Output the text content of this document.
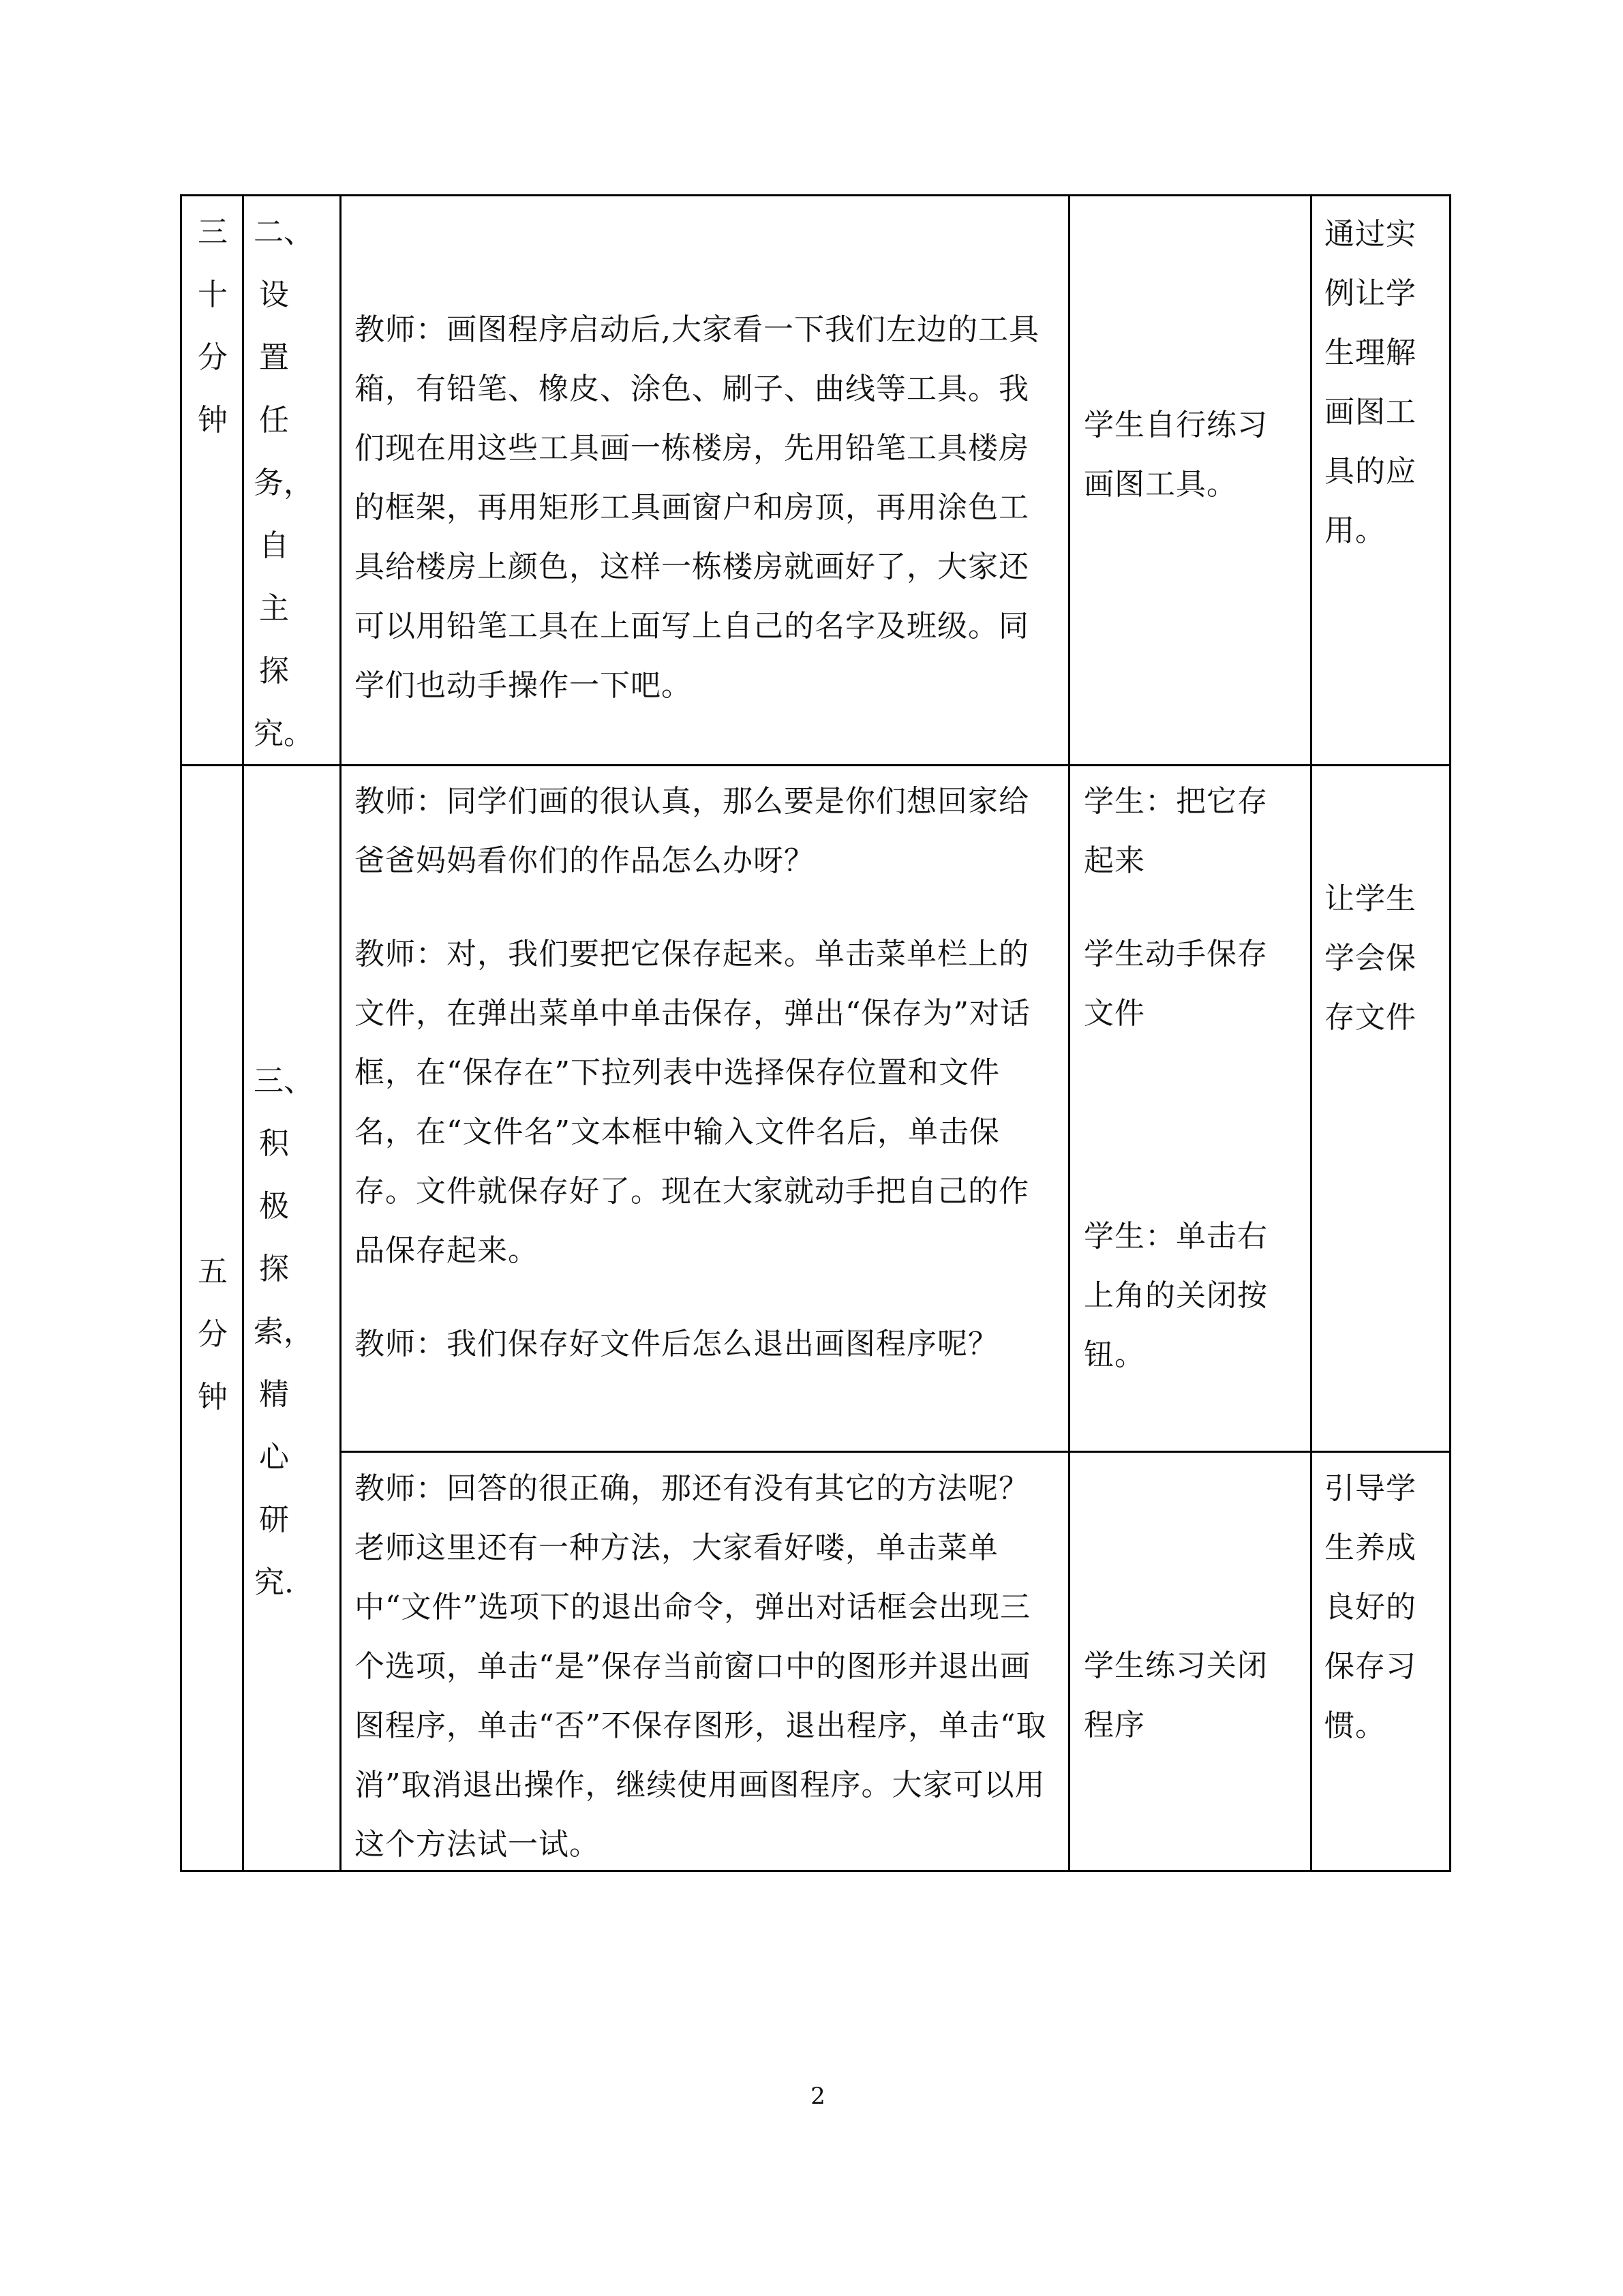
三十分钟
二、设置任务，自主探究。

教师：画图程序启动后,大家看一下我们左边的工具箱，有铅笔、橡皮、涂色、刷子、曲线等工具。我们现在用这些工具画一栋楼房，先用铅笔工具楼房的框架，再用矩形工具画窗户和房顶，再用涂色工具给楼房上颜色，这样一栋楼房就画好了，大家还可以用铅笔工具在上面写上自己的名字及班级。同学们也动手操作一下吧。

学生自行练习画图工具。

通过实例让学生理解画图工具的应用。
五分钟
三、积极探索，精心研究.

教师：同学们画的很认真，那么要是你们想回家给爸爸妈妈看你们的作品怎么办呀？

教师：对，我们要把它保存起来。单击菜单栏上的文件，在弹出菜单中单击保存，弹出“保存为”对话框，在“保存在”下拉列表中选择保存位置和文件名，在“文件名”文本框中输入文件名后，单击保存。文件就保存好了。现在大家就动手把自己的作品保存起来。

教师：我们保存好文件后怎么退出画图程序呢？

学生：把它存起来

学生动手保存文件

学生：单击右上角的关闭按钮。

让学生学会保存文件

教师：回答的很正确，那还有没有其它的方法呢？老师这里还有一种方法，大家看好喽，单击菜单中“文件”选项下的退出命令，弹出对话框会出现三个选项，单击“是”保存当前窗口中的图形并退出画图程序，单击“否”不保存图形，退出程序，单击“取消”取消退出操作，继续使用画图程序。大家可以用这个方法试一试。

学生练习关闭程序

引导学生养成良好的保存习惯。
2
